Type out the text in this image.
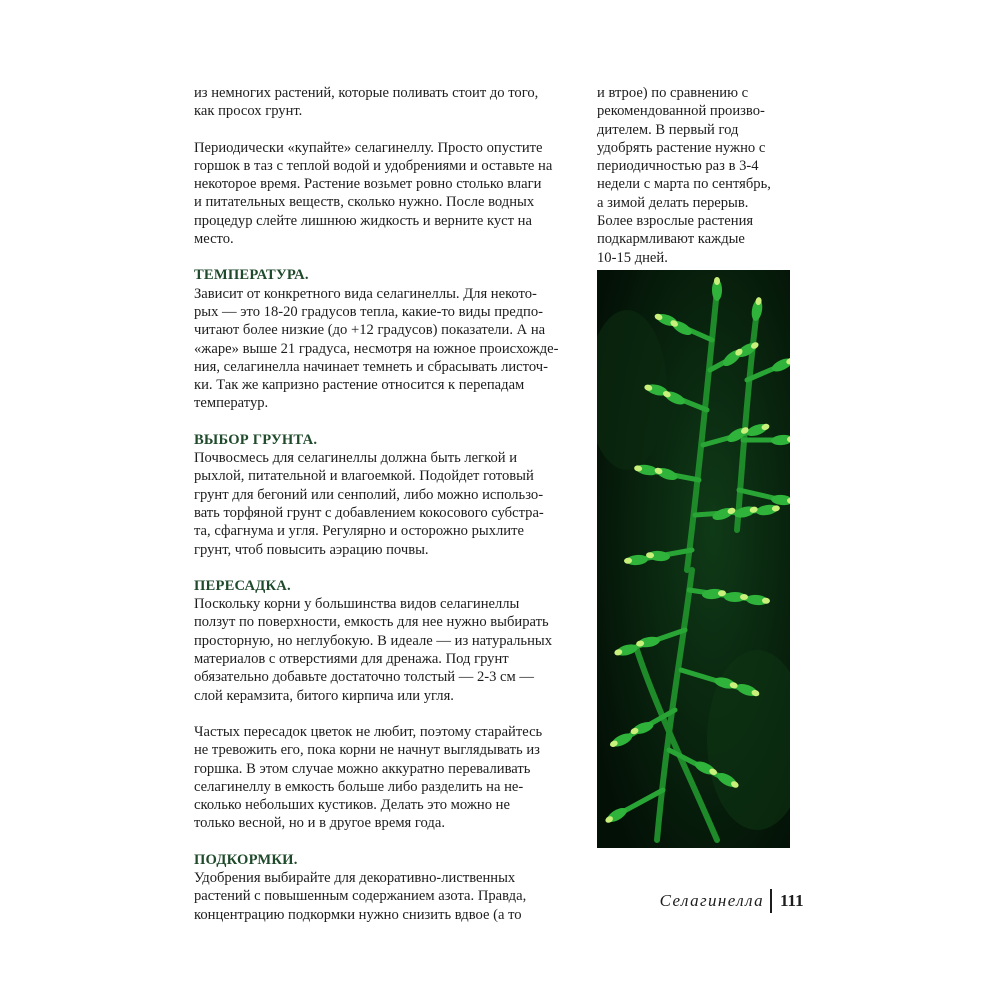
из немногих растений, которые поливать стоит до того,
как просох грунт.

Периодически «купайте» селагинеллу. Просто опустите
горшок в таз с теплой водой и удобрениями и оставьте на
некоторое время. Растение возьмет ровно столько влаги
и питательных веществ, сколько нужно. После водных
процедур слейте лишнюю жидкость и верните куст на
место.

ТЕМПЕРАТУРА.

Зависит от конкретного вида селагинеллы. Для некото-
рых — это 18-20 градусов тепла, какие-то виды предпо-
читают более низкие (до +12 градусов) показатели. А на
«жаре» выше 21 градуса, несмотря на южное происхожде-
ния, селагинелла начинает темнеть и сбрасывать листоч-
ки. Так же капризно растение относится к перепадам
температур.

ВЫБОР ГРУНТА.

Почвосмесь для селагинеллы должна быть легкой и
рыхлой, питательной и влагоемкой. Подойдет готовый
грунт для бегоний или сенполий, либо можно использо-
вать торфяной грунт с добавлением кокосового субстра-
та, сфагнума и угля. Регулярно и осторожно рыхлите
грунт, чтоб повысить аэрацию почвы.

ПЕРЕСАДКА.

Поскольку корни у большинства видов селагинеллы
ползут по поверхности, емкость для нее нужно выбирать
просторную, но неглубокую. В идеале — из натуральных
материалов с отверстиями для дренажа. Под грунт
обязательно добавьте достаточно толстый — 2-3 см —
слой керамзита, битого кирпича или угля.

Частых пересадок цветок не любит, поэтому старайтесь
не тревожить его, пока корни не начнут выглядывать из
горшка. В этом случае можно аккуратно переваливать
селагинеллу в емкость больше либо разделить на не-
сколько небольших кустиков. Делать это можно не
только весной, но и в другое время года.

ПОДКОРМКИ.

Удобрения выбирайте для декоративно-лиственных
растений с повышенным содержанием азота. Правда,
концентрацию подкормки нужно снизить вдвое (а то

и втрое) по сравнению с
рекомендованной произво-
дителем. В первый год
удобрять растение нужно с
периодичностью раз в 3-4
недели с марта по сентябрь,
а зимой делать перерыв.
Более взрослые растения
подкармливают каждые
10-15 дней.

Селагинелла 111
